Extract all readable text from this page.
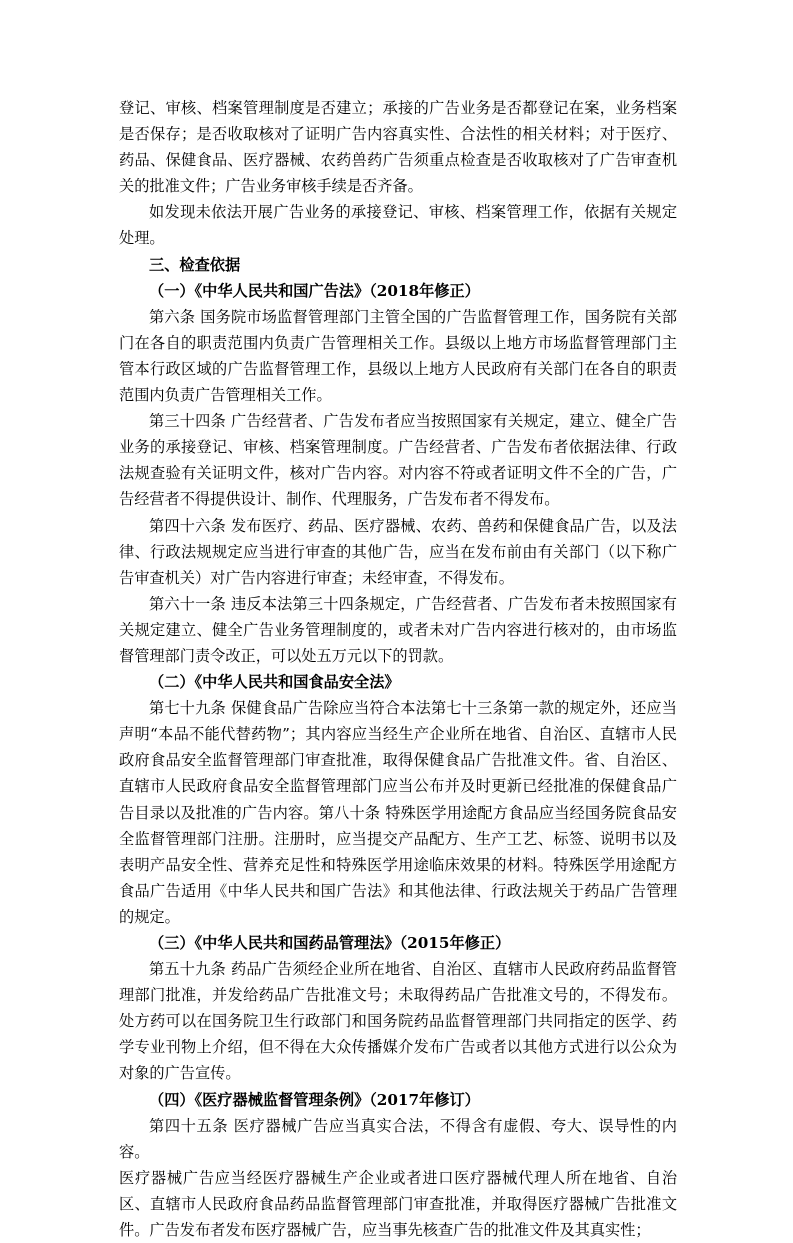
登记、审核、档案管理制度是否建立；承接的广告业务是否都登记在案，业务档案是否保存；是否收取核对了证明广告内容真实性、合法性的相关材料；对于医疗、药品、保健食品、医疗器械、农药兽药广告须重点检查是否收取核对了广告审查机关的批准文件；广告业务审核手续是否齐备。

如发现未依法开展广告业务的承接登记、审核、档案管理工作，依据有关规定处理。

三、检查依据

（一）《中华人民共和国广告法》（2018年修正）

第六条 国务院市场监督管理部门主管全国的广告监督管理工作，国务院有关部门在各自的职责范围内负责广告管理相关工作。县级以上地方市场监督管理部门主管本行政区域的广告监督管理工作，县级以上地方人民政府有关部门在各自的职责范围内负责广告管理相关工作。

第三十四条 广告经营者、广告发布者应当按照国家有关规定，建立、健全广告业务的承接登记、审核、档案管理制度。广告经营者、广告发布者依据法律、行政法规查验有关证明文件，核对广告内容。对内容不符或者证明文件不全的广告，广告经营者不得提供设计、制作、代理服务，广告发布者不得发布。

第四十六条 发布医疗、药品、医疗器械、农药、兽药和保健食品广告，以及法律、行政法规规定应当进行审查的其他广告，应当在发布前由有关部门（以下称广告审查机关）对广告内容进行审查；未经审查，不得发布。

第六十一条 违反本法第三十四条规定，广告经营者、广告发布者未按照国家有关规定建立、健全广告业务管理制度的，或者未对广告内容进行核对的，由市场监督管理部门责令改正，可以处五万元以下的罚款。

（二）《中华人民共和国食品安全法》

第七十九条 保健食品广告除应当符合本法第七十三条第一款的规定外，还应当声明“本品不能代替药物”；其内容应当经生产企业所在地省、自治区、直辖市人民政府食品安全监督管理部门审查批准，取得保健食品广告批准文件。省、自治区、直辖市人民政府食品安全监督管理部门应当公布并及时更新已经批准的保健食品广告目录以及批准的广告内容。第八十条 特殊医学用途配方食品应当经国务院食品安全监督管理部门注册。注册时，应当提交产品配方、生产工艺、标签、说明书以及表明产品安全性、营养充足性和特殊医学用途临床效果的材料。特殊医学用途配方食品广告适用《中华人民共和国广告法》和其他法律、行政法规关于药品广告管理的规定。

（三）《中华人民共和国药品管理法》（2015年修正）

第五十九条 药品广告须经企业所在地省、自治区、直辖市人民政府药品监督管理部门批准，并发给药品广告批准文号；未取得药品广告批准文号的，不得发布。处方药可以在国务院卫生行政部门和国务院药品监督管理部门共同指定的医学、药学专业刊物上介绍，但不得在大众传播媒介发布广告或者以其他方式进行以公众为对象的广告宣传。

（四）《医疗器械监督管理条例》（2017年修订）

第四十五条 医疗器械广告应当真实合法，不得含有虚假、夸大、误导性的内容。

医疗器械广告应当经医疗器械生产企业或者进口医疗器械代理人所在地省、自治区、直辖市人民政府食品药品监督管理部门审查批准，并取得医疗器械广告批准文件。广告发布者发布医疗器械广告，应当事先核查广告的批准文件及其真实性；
